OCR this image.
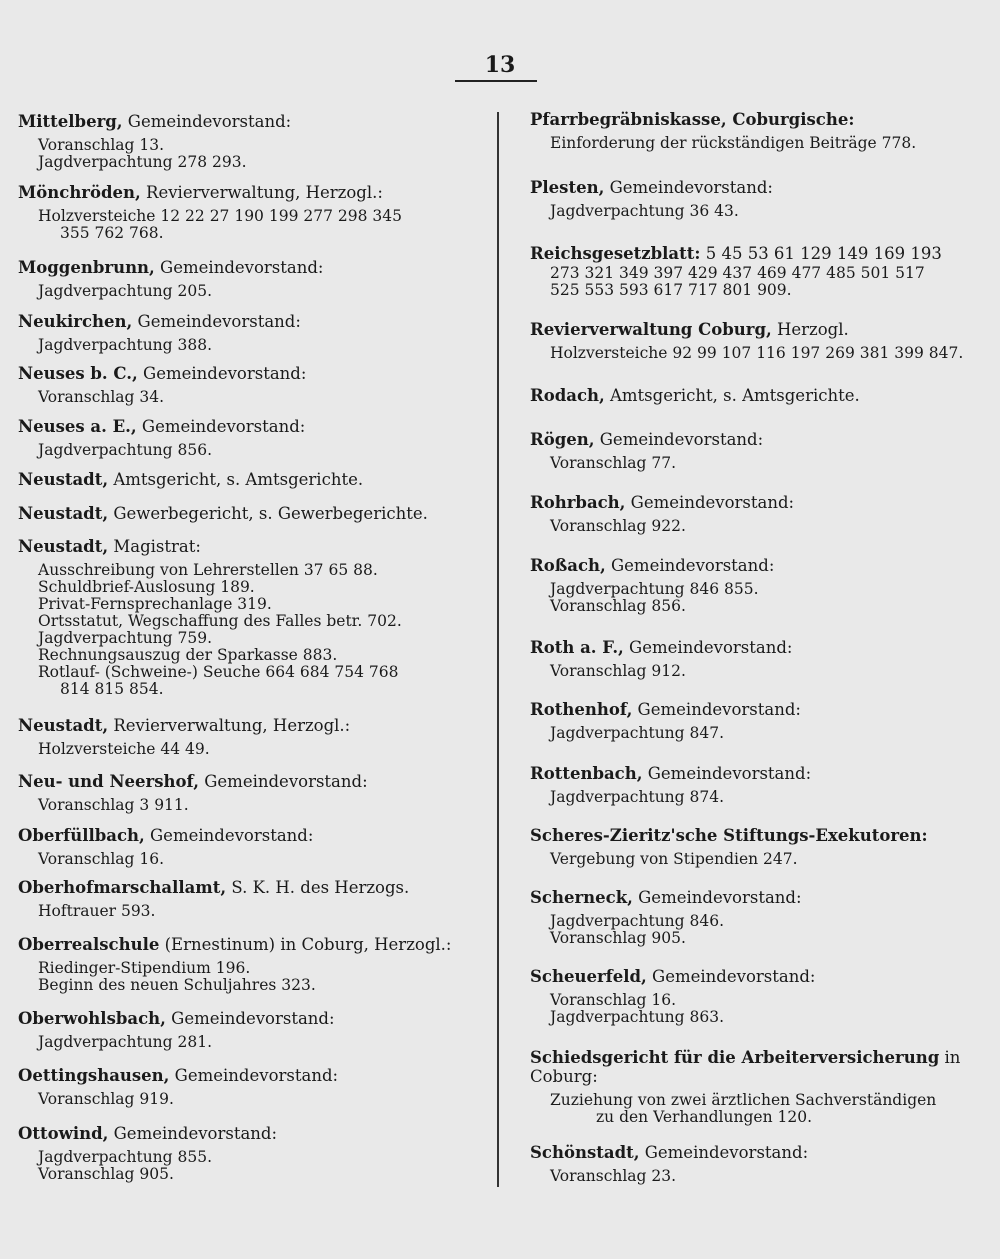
13
Mittelberg, Gemeindevorstand:
Voranschlag 13.
Jagdverpachtung 278 293.
Mönchröden, Revierverwaltung, Herzogl.:
Holzversteiche 12 22 27 190 199 277 298 345
355 762 768.
Moggenbrunn, Gemeindevorstand:
Jagdverpachtung 205.
Neukirchen, Gemeindevorstand:
Jagdverpachtung 388.
Neuses b. C., Gemeindevorstand:
Voranschlag 34.
Neuses a. E., Gemeindevorstand:
Jagdverpachtung 856.
Neustadt, Amtsgericht, s. Amtsgerichte.
Neustadt, Gewerbegericht, s. Gewerbegerichte.
Neustadt, Magistrat:
Ausschreibung von Lehrerstellen 37 65 88.
Schuldbrief-Auslosung 189.
Privat-Fernsprechanlage 319.
Ortsstatut, Wegschaffung des Falles betr. 702.
Jagdverpachtung 759.
Rechnungsauszug der Sparkasse 883.
Rotlauf- (Schweine-) Seuche 664 684 754 768
814 815 854.
Neustadt, Revierverwaltung, Herzogl.:
Holzversteiche 44 49.
Neu- und Neershof, Gemeindevorstand:
Voranschlag 3 911.
Oberfüllbach, Gemeindevorstand:
Voranschlag 16.
Oberhofmarschallamt, S. K. H. des Herzogs.
Hoftrauer 593.
Oberrealschule (Ernestinum) in Coburg, Herzogl.:
Riedinger-Stipendium 196.
Beginn des neuen Schuljahres 323.
Oberwohlsbach, Gemeindevorstand:
Jagdverpachtung 281.
Oettingshausen, Gemeindevorstand:
Voranschlag 919.
Ottowind, Gemeindevorstand:
Jagdverpachtung 855.
Voranschlag 905.
Pfarrbegräbniskasse, Coburgische:
Einforderung der rückständigen Beiträge 778.
Plesten, Gemeindevorstand:
Jagdverpachtung 36 43.
Reichsgesetzblatt: 5 45 53 61 129 149 169 193
273 321 349 397 429 437 469 477 485 501 517
525 553 593 617 717 801 909.
Revierverwaltung Coburg, Herzogl.
Holzversteiche 92 99 107 116 197 269 381 399 847.
Rodach, Amtsgericht, s. Amtsgerichte.
Rögen, Gemeindevorstand:
Voranschlag 77.
Rohrbach, Gemeindevorstand:
Voranschlag 922.
Roßach, Gemeindevorstand:
Jagdverpachtung 846 855.
Voranschlag 856.
Roth a. F., Gemeindevorstand:
Voranschlag 912.
Rothenhof, Gemeindevorstand:
Jagdverpachtung 847.
Rottenbach, Gemeindevorstand:
Jagdverpachtung 874.
Scheres-Zieritz'sche Stiftungs-Exekutoren:
Vergebung von Stipendien 247.
Scherneck, Gemeindevorstand:
Jagdverpachtung 846.
Voranschlag 905.
Scheuerfeld, Gemeindevorstand:
Voranschlag 16.
Jagdverpachtung 863.
Schiedsgericht für die Arbeiterversicherung in Coburg:
Zuziehung von zwei ärztlichen Sachverständigen
zu den Verhandlungen 120.
Schönstadt, Gemeindevorstand:
Voranschlag 23.
